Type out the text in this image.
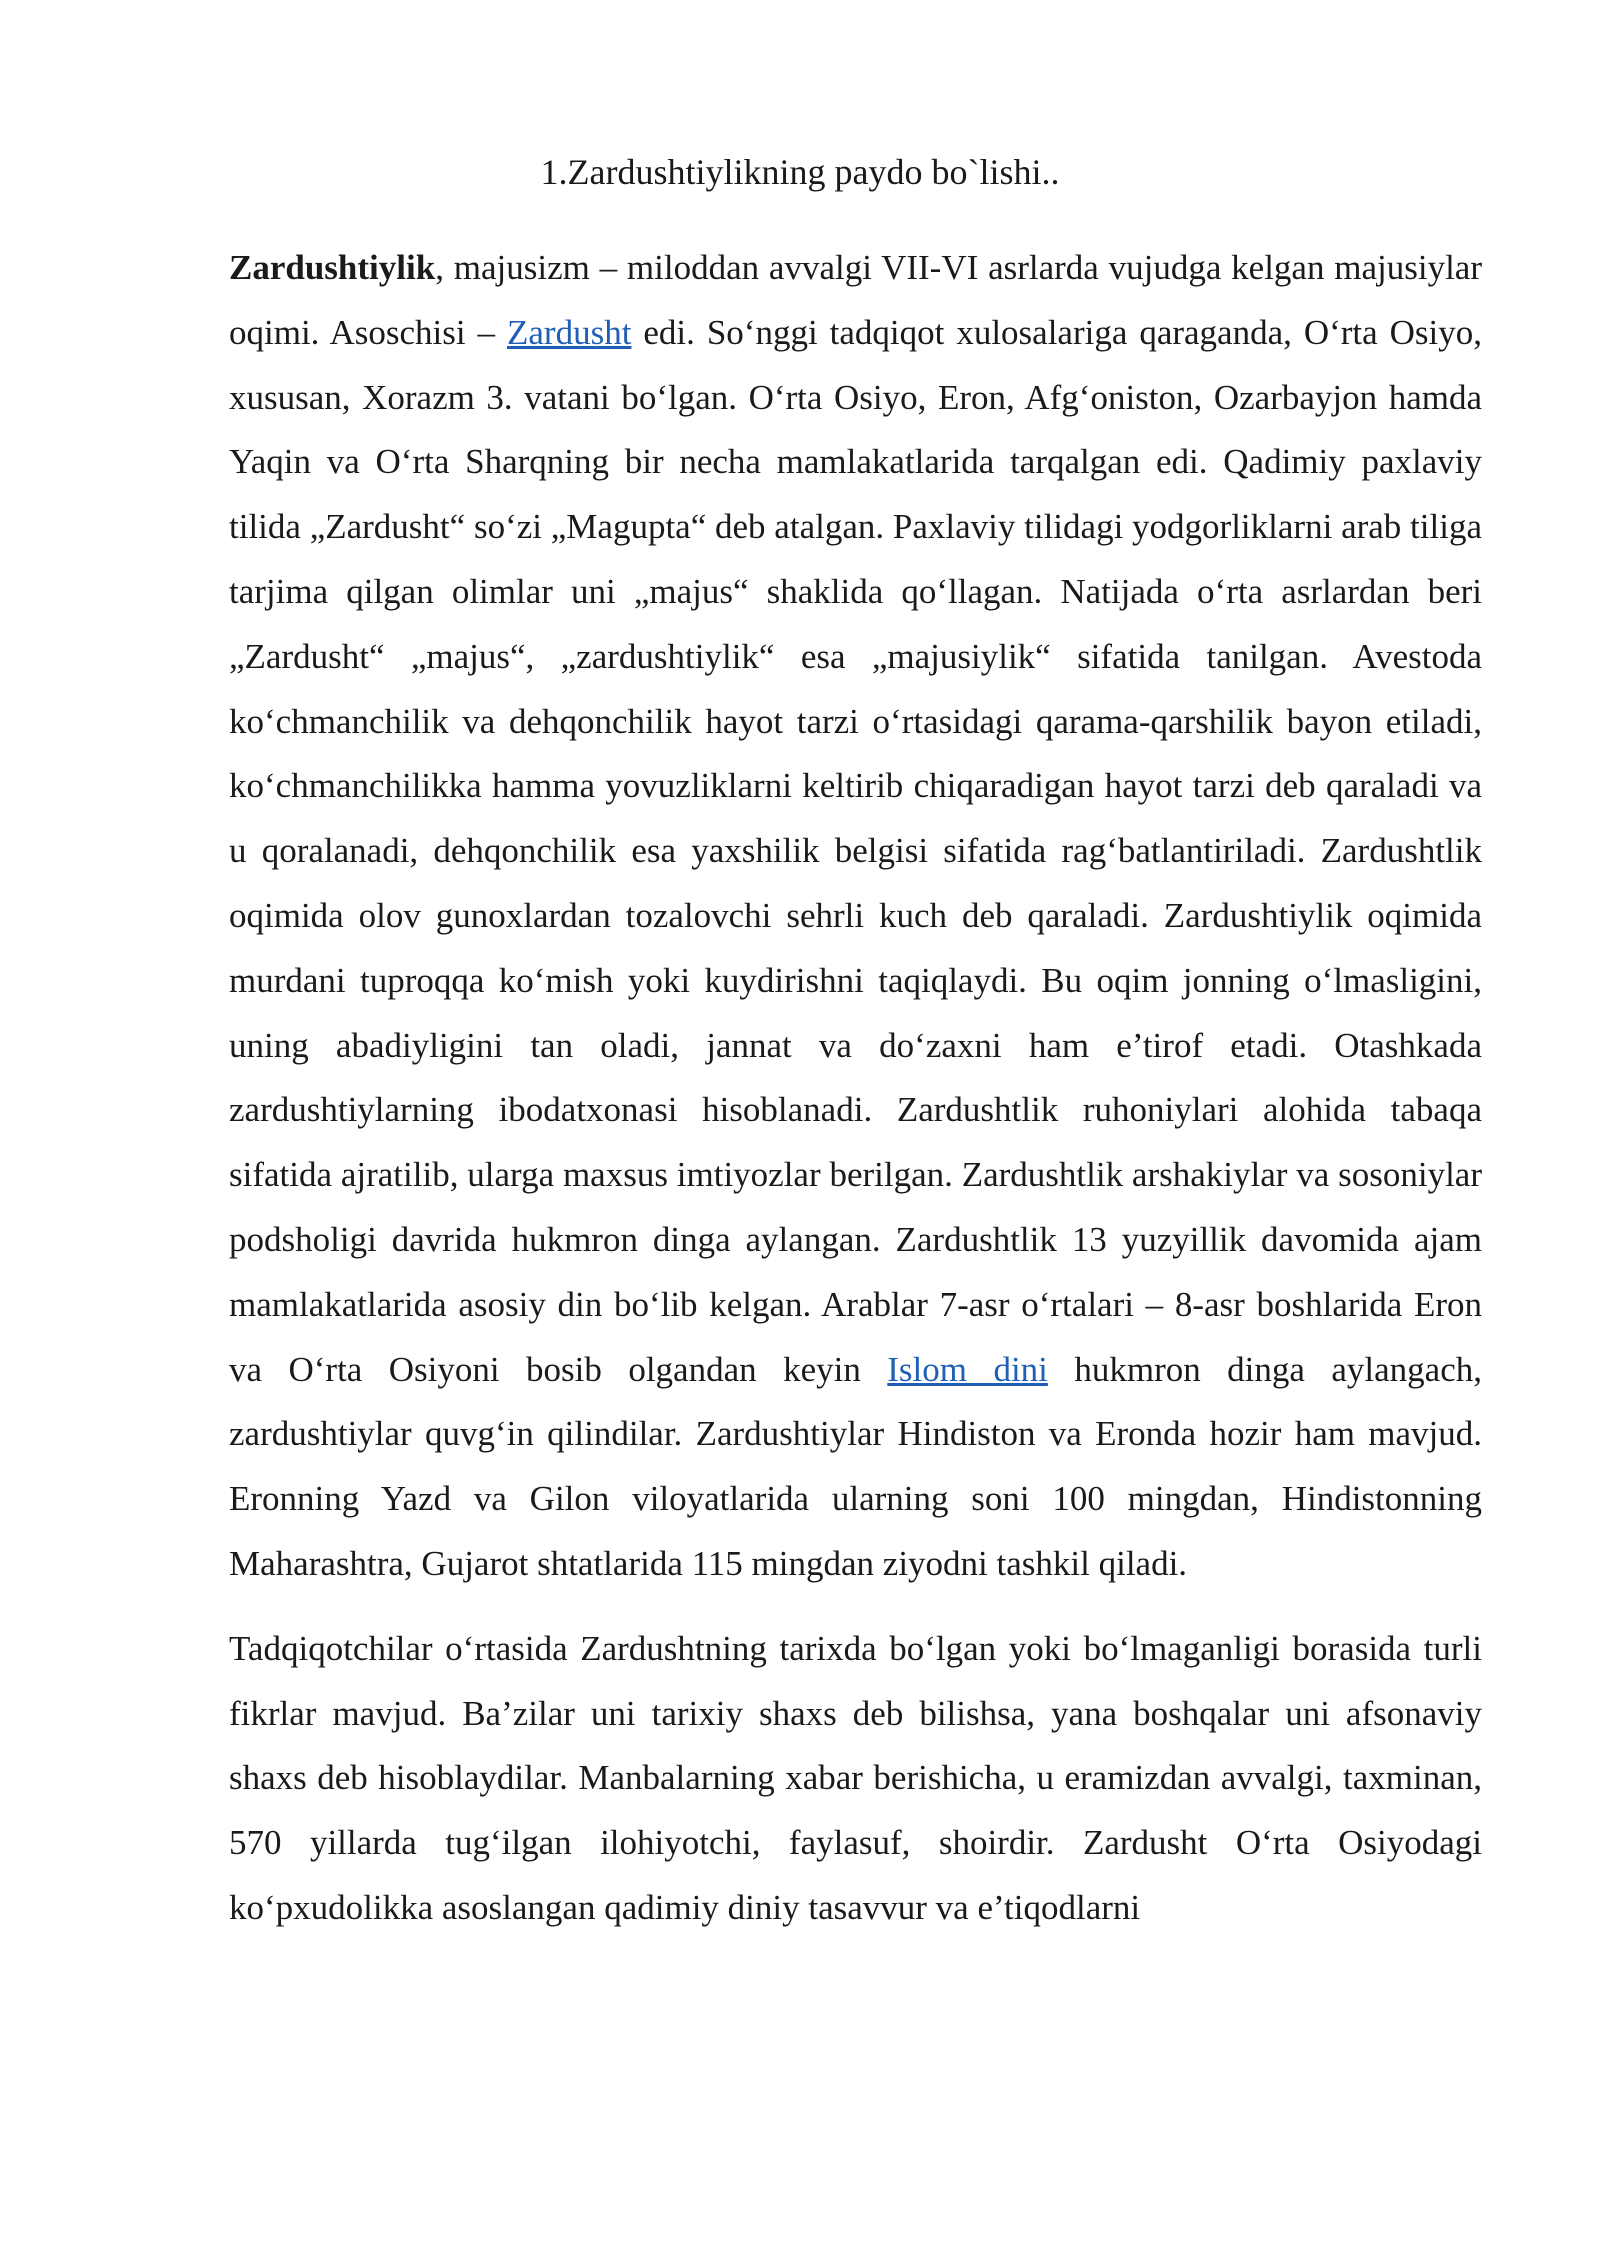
1.Zardushtiylikning paydo bo`lishi..

Zardushtiylik, majusizm – miloddan avvalgi VII-VI asrlarda vujudga kelgan majusiylar oqimi. Asoschisi – Zardusht edi. So‘nggi tadqiqot xulosalariga qaraganda, O‘rta Osiyo, xususan, Xorazm 3. vatani bo‘lgan. O‘rta Osiyo, Eron, Afg‘oniston, Ozarbayjon hamda Yaqin va O‘rta Sharqning bir necha mamlakatlarida tarqalgan edi. Qadimiy paxlaviy tilida „Zardusht“ so‘zi „Magupta“ deb atalgan. Paxlaviy tilidagi yodgorliklarni arab tiliga tarjima qilgan olimlar uni „majus“ shaklida qo‘llagan. Natijada o‘rta asrlardan beri „Zardusht“ „majus“, „zardushtiylik“ esa „majusiylik“ sifatida tanilgan. Avestoda ko‘chmanchilik va dehqonchilik hayot tarzi o‘rtasidagi qarama-qarshilik bayon etiladi, ko‘chmanchilikka hamma yovuzliklarni keltirib chiqaradigan hayot tarzi deb qaraladi va u qoralanadi, dehqonchilik esa yaxshilik belgisi sifatida rag‘batlantiriladi. Zardushtlik oqimida olov gunoxlardan tozalovchi sehrli kuch deb qaraladi. Zardushtiylik oqimida murdani tuproqqa ko‘mish yoki kuydirishni taqiqlaydi. Bu oqim jonning o‘lmasligini, uning abadiyligini tan oladi, jannat va do‘zaxni ham e’tirof etadi. Otashkada zardushtiylarning ibodatxonasi hisoblanadi. Zardushtlik ruhoniylari alohida tabaqa sifatida ajratilib, ularga maxsus imtiyozlar berilgan. Zardushtlik arshakiylar va sosoniylar podsholigi davrida hukmron dinga aylangan. Zardushtlik 13 yuzyillik davomida ajam mamlakatlarida asosiy din bo‘lib kelgan. Arablar 7-asr o‘rtalari – 8-asr boshlarida Eron va O‘rta Osiyoni bosib olgandan keyin Islom dini hukmron dinga aylangach, zardushtiylar quvg‘in qilindilar. Zardushtiylar Hindiston va Eronda hozir ham mavjud. Eronning Yazd va Gilon viloyatlarida ularning soni 100 mingdan, Hindistonning Maharashtra, Gujarot shtatlarida 115 mingdan ziyodni tashkil qiladi.

Tadqiqotchilar o‘rtasida Zardushtning tarixda bo‘lgan yoki bo‘lmaganligi borasida turli fikrlar mavjud. Ba’zilar uni tarixiy shaxs deb bilishsa, yana boshqalar uni afsonaviy shaxs deb hisoblaydilar. Manbalarning xabar berishicha, u eramizdan avvalgi, taxminan, 570 yillarda tug‘ilgan ilohiyotchi, faylasuf, shoirdir. Zardusht O‘rta Osiyodagi ko‘pxudolikka asoslangan qadimiy diniy tasavvur va e’tiqodlarni
